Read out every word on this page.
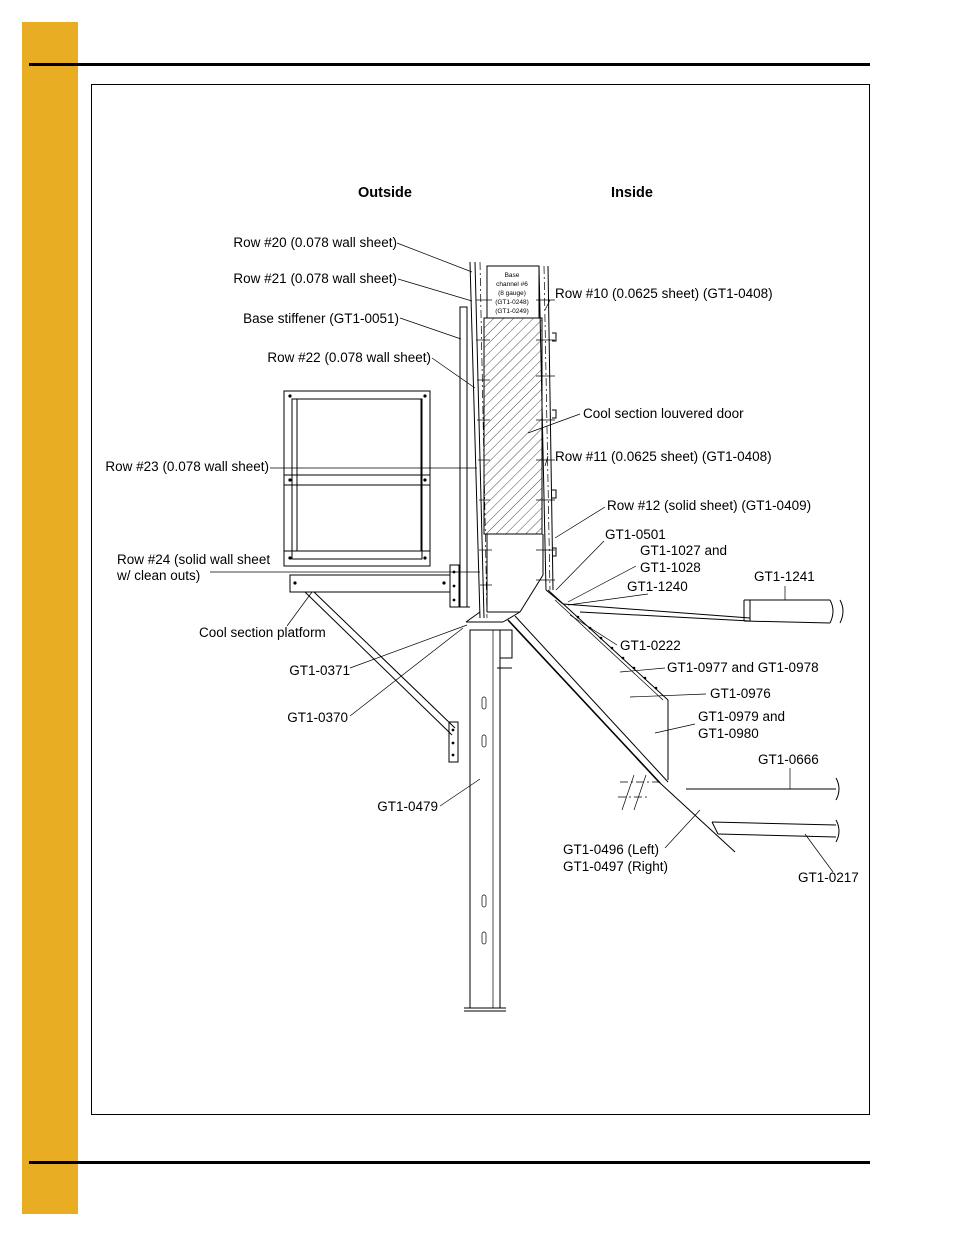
Outside	Inside
Base
channel #6
(8 gauge)
(GT1-0248)
(GT1-0249)
Row #20 (0.078 wall sheet)
Row #21 (0.078 wall sheet)
Base stiffener (GT1-0051)
Row #22 (0.078 wall sheet)
Row #23 (0.078 wall sheet)
Row #24 (solid wall sheet
w/ clean outs)
Cool section platform
GT1-0371
GT1-0370
GT1-0479
Row #10 (0.0625 sheet) (GT1-0408)
Cool section louvered door
Row #11 (0.0625 sheet) (GT1-0408)
Row #12 (solid sheet) (GT1-0409)
GT1-0501
GT1-1027 and
GT1-1028
GT1-1240
GT1-1241
GT1-0222
GT1-0977 and GT1-0978
GT1-0976
GT1-0979 and
GT1-0980
GT1-0666
GT1-0496 (Left)
GT1-0497 (Right)
GT1-0217
